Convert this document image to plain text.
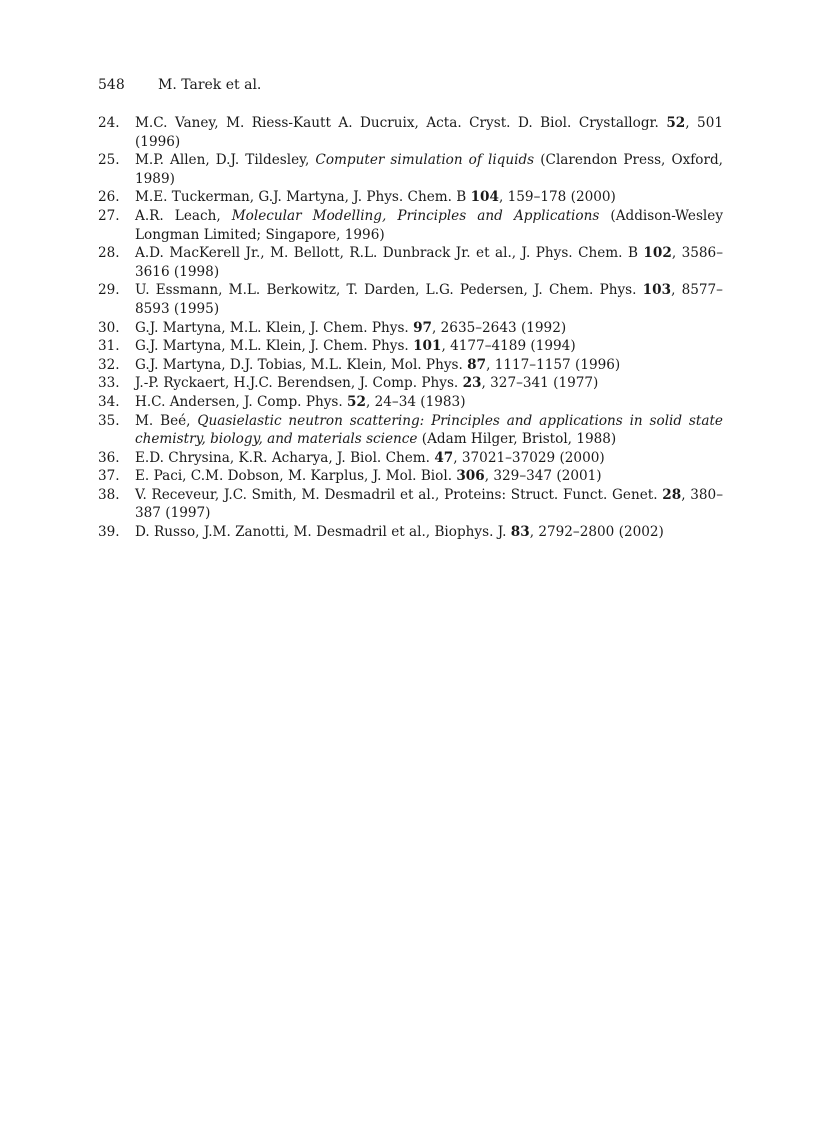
548 M. Tarek et al.
24.	M.C. Vaney, M. Riess-Kautt A. Ducruix, Acta. Cryst. D. Biol. Crystallogr. 52, 501 (1996)
25.	M.P. Allen, D.J. Tildesley, Computer simulation of liquids (Clarendon Press, Oxford, 1989)
26.	M.E. Tuckerman, G.J. Martyna, J. Phys. Chem. B 104, 159–178 (2000)
27.	A.R. Leach, Molecular Modelling, Principles and Applications (Addison-Wesley Longman Limited; Singapore, 1996)
28.	A.D. MacKerell Jr., M. Bellott, R.L. Dunbrack Jr. et al., J. Phys. Chem. B 102, 3586–3616 (1998)
29.	U. Essmann, M.L. Berkowitz, T. Darden, L.G. Pedersen, J. Chem. Phys. 103, 8577–8593 (1995)
30.	G.J. Martyna, M.L. Klein, J. Chem. Phys. 97, 2635–2643 (1992)
31.	G.J. Martyna, M.L. Klein, J. Chem. Phys. 101, 4177–4189 (1994)
32.	G.J. Martyna, D.J. Tobias, M.L. Klein, Mol. Phys. 87, 1117–1157 (1996)
33.	J.-P. Ryckaert, H.J.C. Berendsen, J. Comp. Phys. 23, 327–341 (1977)
34.	H.C. Andersen, J. Comp. Phys. 52, 24–34 (1983)
35.	M. Beé, Quasielastic neutron scattering: Principles and applications in solid state chemistry, biology, and materials science (Adam Hilger, Bristol, 1988)
36.	E.D. Chrysina, K.R. Acharya, J. Biol. Chem. 47, 37021–37029 (2000)
37.	E. Paci, C.M. Dobson, M. Karplus, J. Mol. Biol. 306, 329–347 (2001)
38.	V. Receveur, J.C. Smith, M. Desmadril et al., Proteins: Struct. Funct. Genet. 28, 380–387 (1997)
39.	D. Russo, J.M. Zanotti, M. Desmadril et al., Biophys. J. 83, 2792–2800 (2002)
